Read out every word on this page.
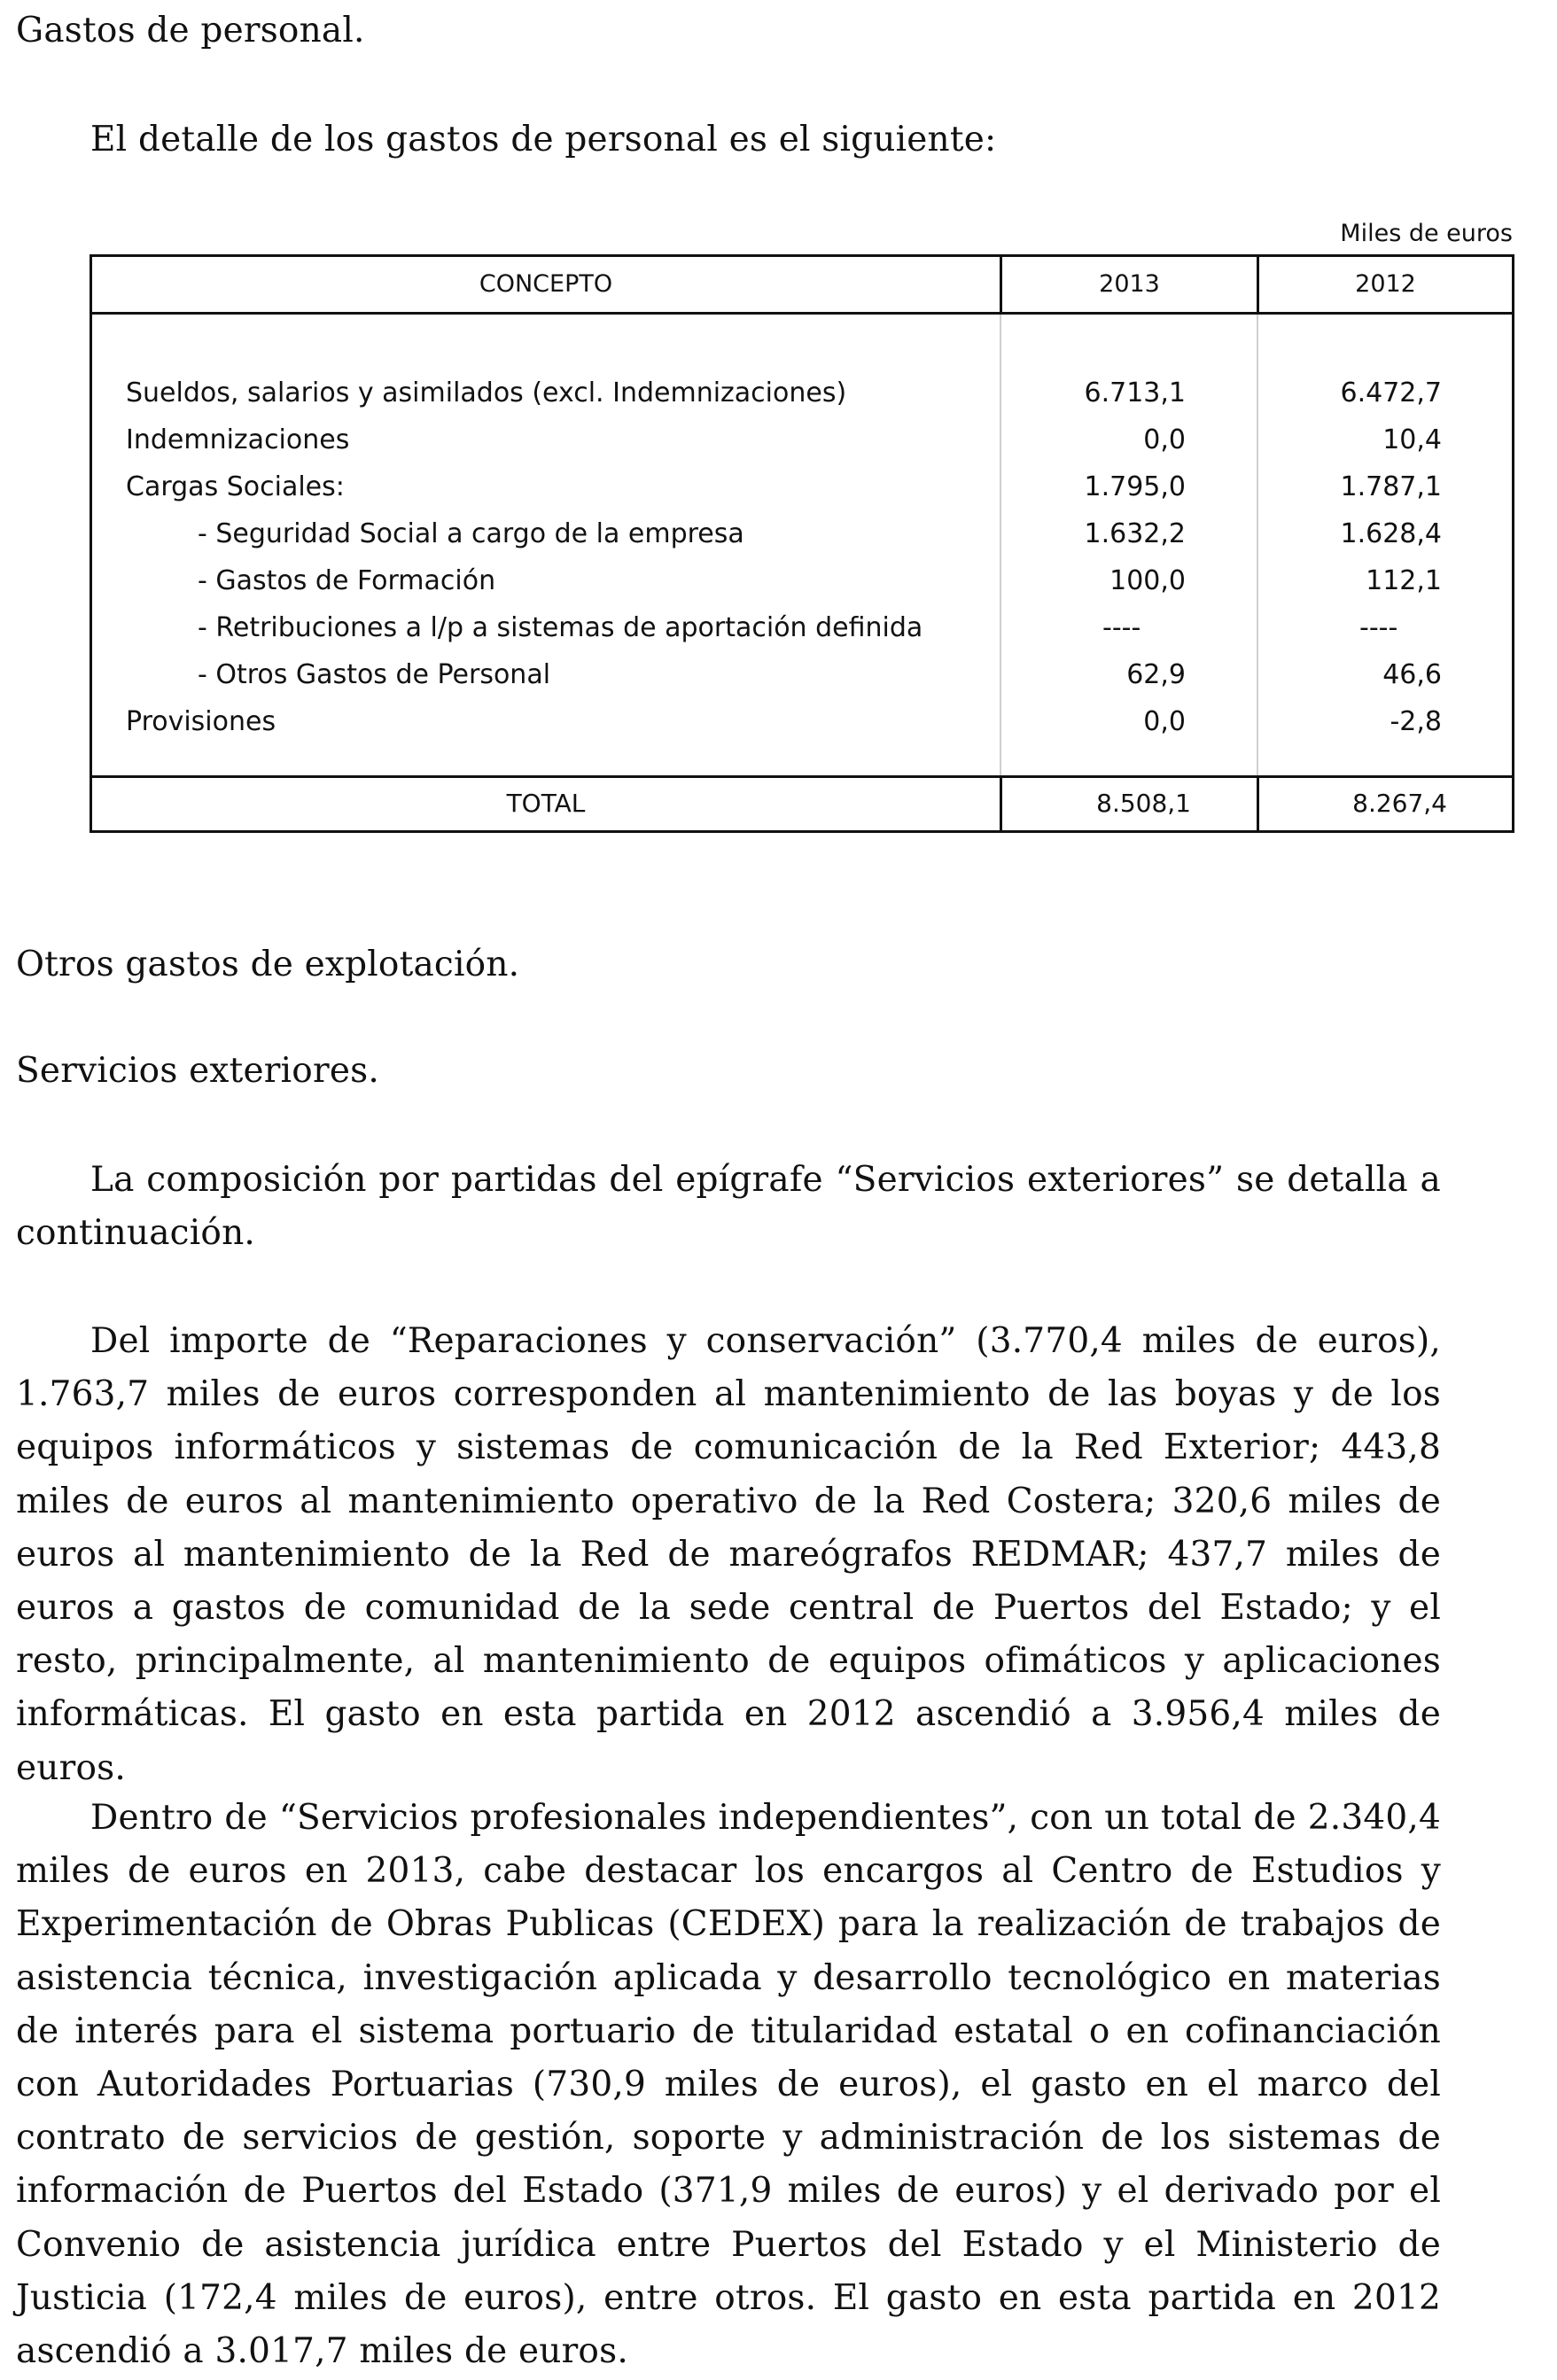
Gastos de personal.

El detalle de los gastos de personal es el siguiente:

Miles de euros
CONCEPTO	2013	2012
Sueldos, salarios y asimilados (excl. Indemnizaciones)	6.713,1	6.472,7
Indemnizaciones	0,0	10,4
Cargas Sociales:	1.795,0	1.787,1
- Seguridad Social a cargo de la empresa	1.632,2	1.628,4
- Gastos de Formación	100,0	112,1
- Retribuciones a l/p a sistemas de aportación definida	----	----
- Otros Gastos de Personal	62,9	46,6
Provisiones	0,0	-2,8
TOTAL	8.508,1	8.267,4
Otros gastos de explotación.
Servicios exteriores.

La composición por partidas del epígrafe “Servicios exteriores” se detalla a continuación.

Del importe de “Reparaciones y conservación” (3.770,4 miles de euros), 1.763,7 miles de euros corresponden al mantenimiento de las boyas y de los equipos informáticos y sistemas de comunicación de la Red Exterior; 443,8 miles de euros al mantenimiento operativo de la Red Costera; 320,6 miles de euros al mantenimiento de la Red de mareógrafos REDMAR; 437,7 miles de euros a gastos de comunidad de la sede central de Puertos del Estado; y el resto, principalmente, al mantenimiento de equipos ofimáticos y aplicaciones informáticas. El gasto en esta partida en 2012 ascendió a 3.956,4 miles de euros.

Dentro de “Servicios profesionales independientes”, con un total de 2.340,4 miles de euros en 2013, cabe destacar los encargos al Centro de Estudios y Experimentación de Obras Publicas (CEDEX) para la realización de trabajos de asistencia técnica, investigación aplicada y desarrollo tecnológico en materias de interés para el sistema portuario de titularidad estatal o en cofinanciación con Autoridades Portuarias (730,9 miles de euros), el gasto en el marco del contrato de servicios de gestión, soporte y administración de los sistemas de información de Puertos del Estado (371,9 miles de euros) y el derivado por el Convenio de asistencia jurídica entre Puertos del Estado y el Ministerio de Justicia (172,4 miles de euros), entre otros. El gasto en esta partida en 2012 ascendió a 3.017,7 miles de euros.
